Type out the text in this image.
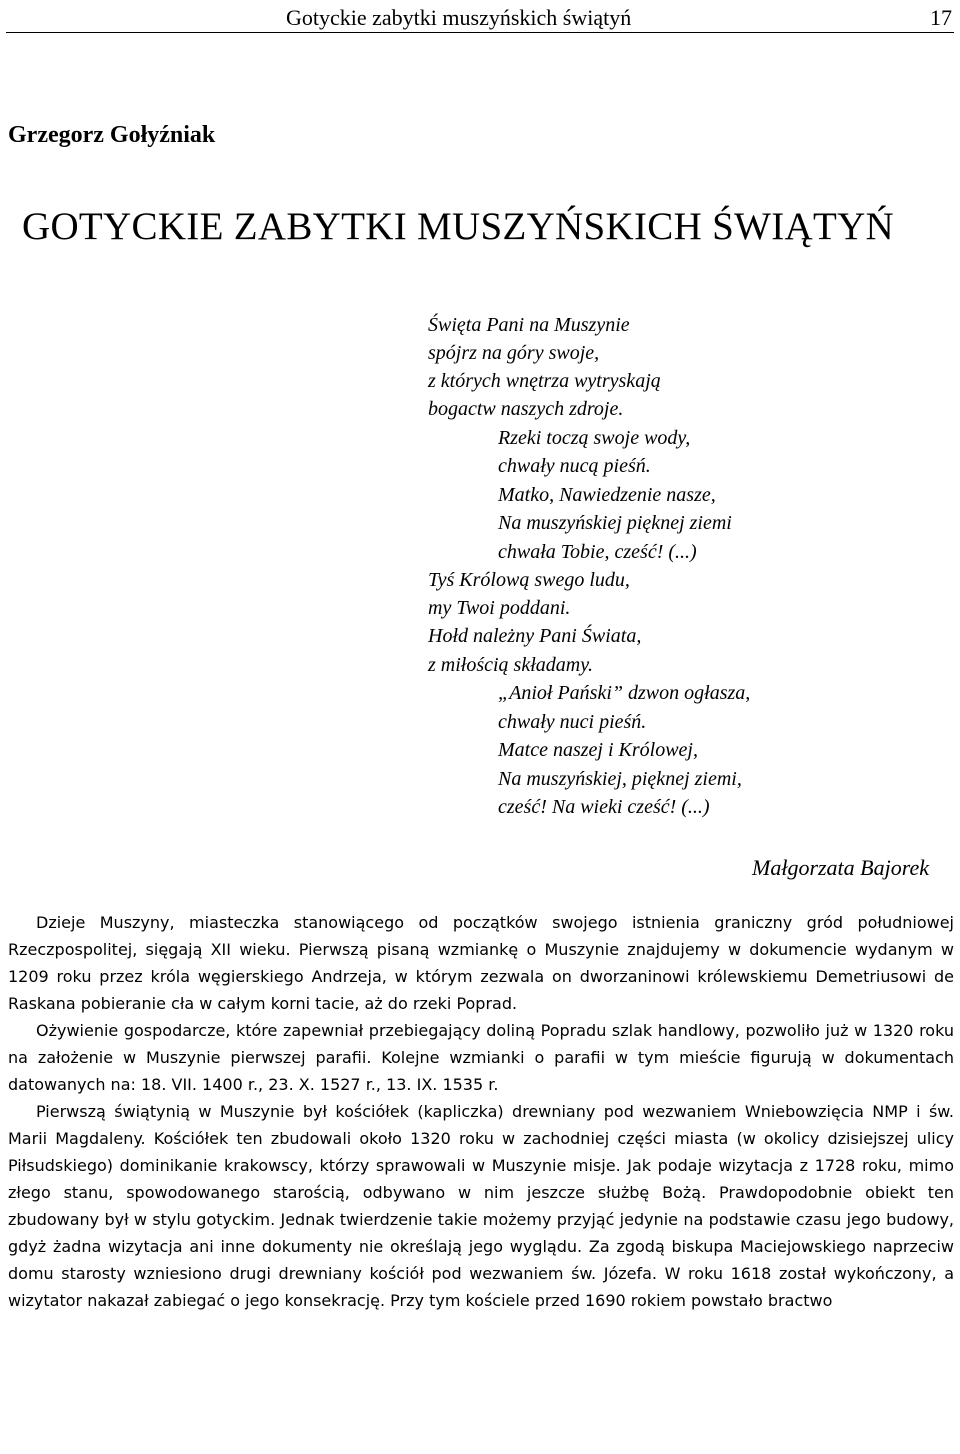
Gotyckie zabytki muszyńskich świątyń	17
Grzegorz Gołyźniak
GOTYCKIE ZABYTKI MUSZYŃSKICH ŚWIĄTYŃ
Święta Pani na Muszynie
spójrz na góry swoje,
z których wnętrza wytryskają
bogactw naszych zdroje.
Rzeki toczą swoje wody,
chwały nucą pieśń.
Matko, Nawiedzenie nasze,
Na muszyńskiej pięknej ziemi
chwała Tobie, cześć! (...)
Tyś Królową swego ludu,
my Twoi poddani.
Hołd należny Pani Świata,
z miłością składamy.
„Anioł Pański” dzwon ogłasza,
chwały nuci pieśń.
Matce naszej i Królowej,
Na muszyńskiej, pięknej ziemi,
cześć! Na wieki cześć! (...)
Małgorzata Bajorek

Dzieje Muszyny, miasteczka stanowiącego od początków swojego istnienia graniczny gród południowej Rzeczpospolitej, sięgają XII wieku. Pierwszą pisaną wzmiankę o Muszynie znajdujemy w dokumencie wydanym w 1209 roku przez króla węgierskiego Andrzeja, w którym zezwala on dworzaninowi królewskiemu Demetriusowi de Raskana pobieranie cła w całym korni tacie, aż do rzeki Poprad.

Ożywienie gospodarcze, które zapewniał przebiegający doliną Popradu szlak handlowy, pozwoliło już w 1320 roku na założenie w Muszynie pierwszej parafii. Kolejne wzmianki o parafii w tym mieście figurują w dokumentach datowanych na: 18. VII. 1400 r., 23. X. 1527 r., 13. IX. 1535 r.

Pierwszą świątynią w Muszynie był kościółek (kapliczka) drewniany pod wezwaniem Wniebowzięcia NMP i św. Marii Magdaleny. Kościółek ten zbudowali około 1320 roku w zachodniej części miasta (w okolicy dzisiejszej ulicy Piłsudskiego) dominikanie krakowscy, którzy sprawowali w Muszynie misje. Jak podaje wizytacja z 1728 roku, mimo złego stanu, spowodowanego starością, odbywano w nim jeszcze służbę Bożą. Prawdopodobnie obiekt ten zbudowany był w stylu gotyckim. Jednak twierdzenie takie możemy przyjąć jedynie na podstawie czasu jego budowy, gdyż żadna wizytacja ani inne dokumenty nie określają jego wyglądu. Za zgodą biskupa Maciejowskiego naprzeciw domu starosty wzniesiono drugi drewniany kościół pod wezwaniem św. Józefa. W roku 1618 został wykończony, a wizytator nakazał zabiegać o jego konsekrację. Przy tym kościele przed 1690 rokiem powstało bractwo
